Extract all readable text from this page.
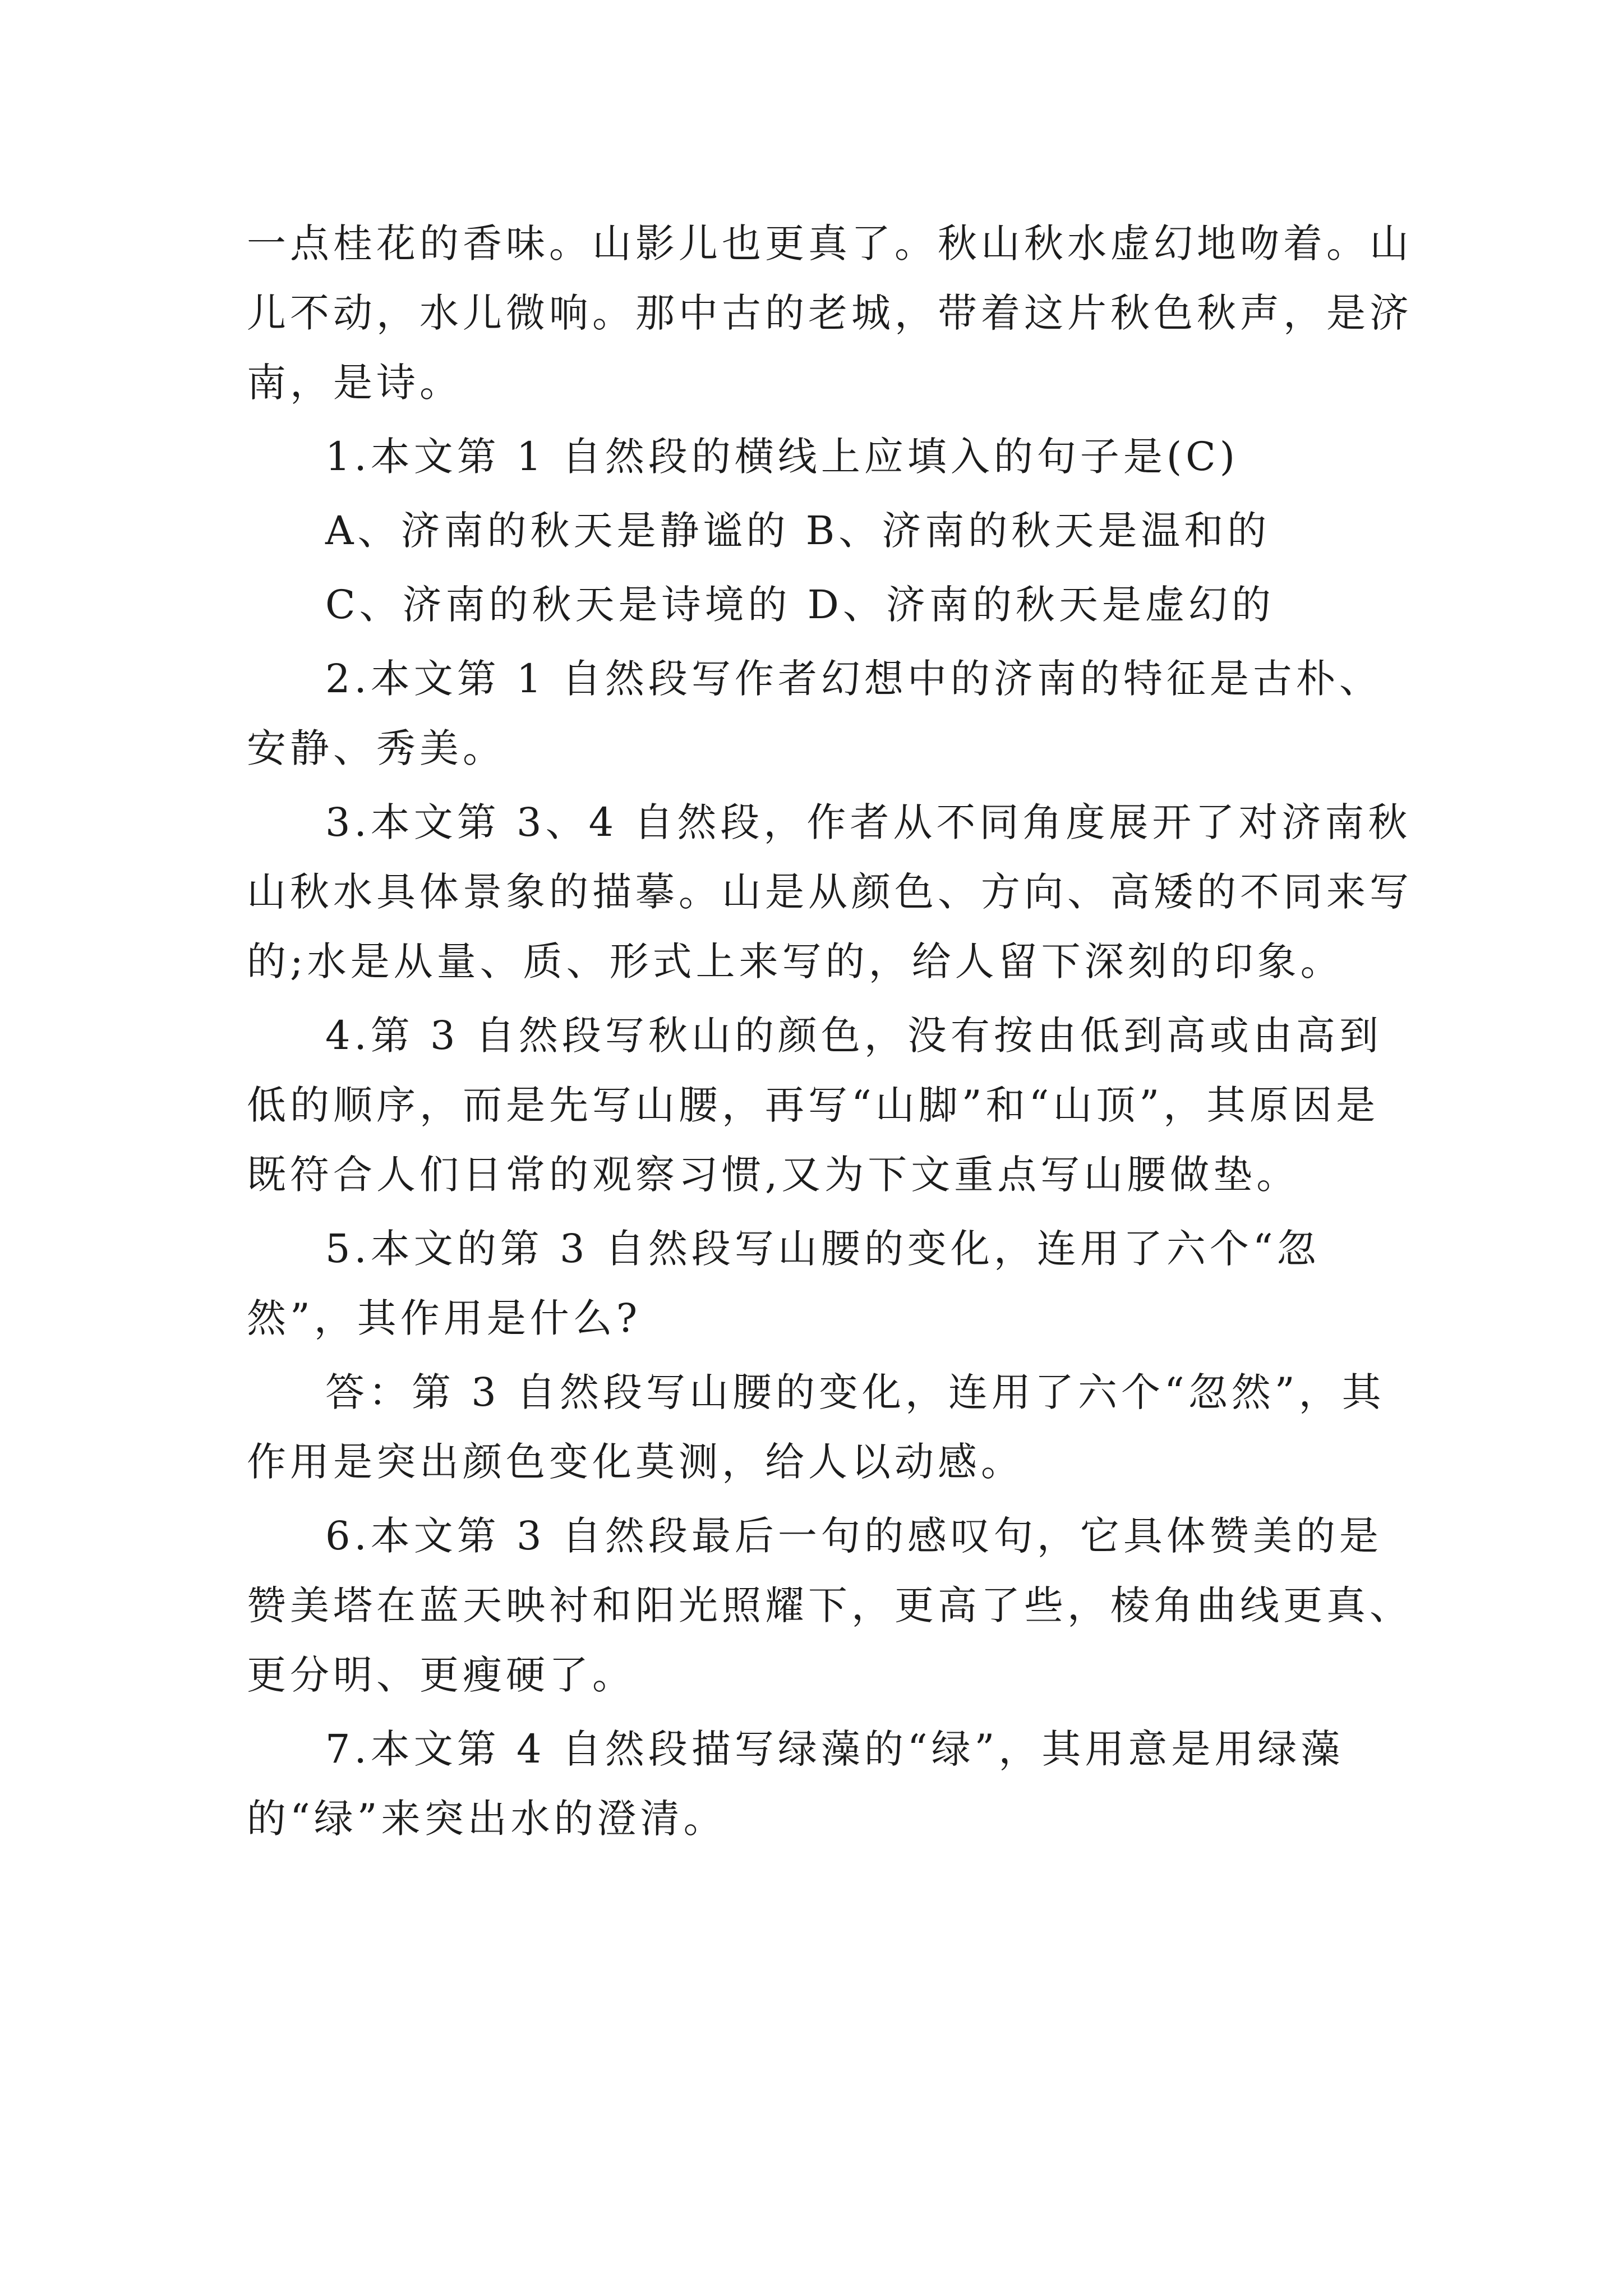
一点桂花的香味。山影儿也更真了。秋山秋水虚幻地吻着。山儿不动，水儿微响。那中古的老城，带着这片秋色秋声，是济南，是诗。

1.本文第 1 自然段的横线上应填入的句子是(C)

A、济南的秋天是静谧的 B、济南的秋天是温和的

C、济南的秋天是诗境的 D、济南的秋天是虚幻的

2.本文第 1 自然段写作者幻想中的济南的特征是古朴、安静、秀美。

3.本文第 3、4 自然段，作者从不同角度展开了对济南秋山秋水具体景象的描摹。山是从颜色、方向、高矮的不同来写的;水是从量、质、形式上来写的，给人留下深刻的印象。

4.第 3 自然段写秋山的颜色，没有按由低到高或由高到低的顺序，而是先写山腰，再写“山脚”和“山顶”，其原因是既符合人们日常的观察习惯,又为下文重点写山腰做垫。

5.本文的第 3 自然段写山腰的变化，连用了六个“忽然”，其作用是什么?

答：第 3 自然段写山腰的变化，连用了六个“忽然”，其作用是突出颜色变化莫测，给人以动感。

6.本文第 3 自然段最后一句的感叹句，它具体赞美的是赞美塔在蓝天映衬和阳光照耀下，更高了些，棱角曲线更真、更分明、更瘦硬了。

7.本文第 4 自然段描写绿藻的“绿”，其用意是用绿藻的“绿”来突出水的澄清。
